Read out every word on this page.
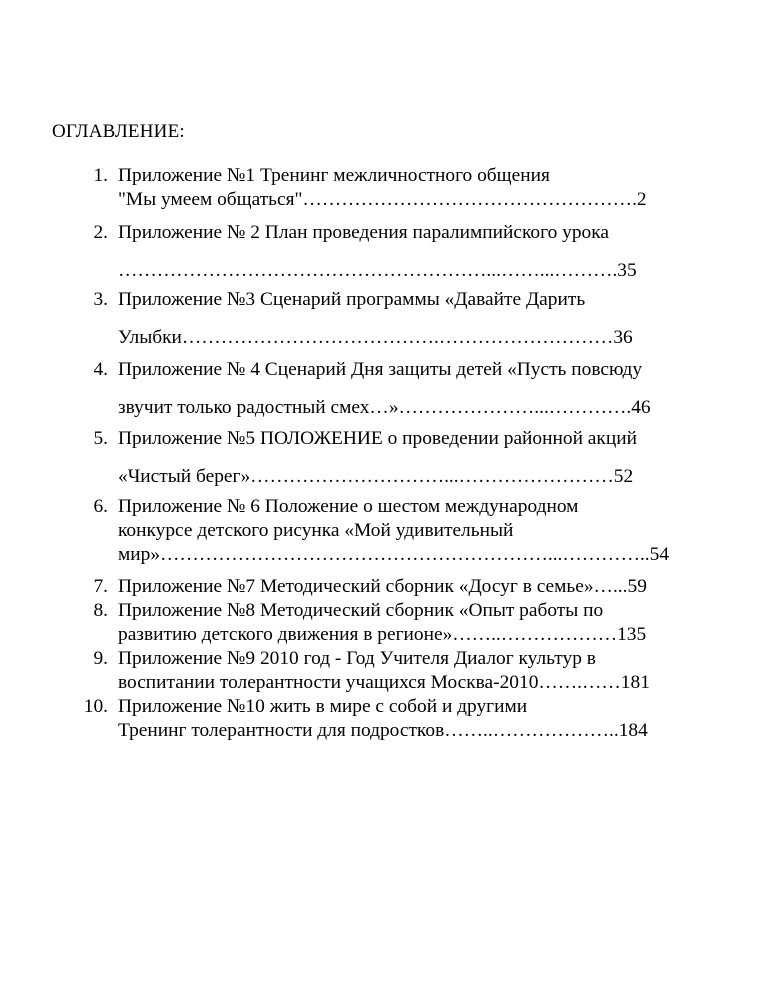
ОГЛАВЛЕНИЕ:
1. Приложение №1 Тренинг межличностного общения
"Мы умеем общаться"…………………………………………….2
2. Приложение № 2 План проведения паралимпийского урока
…………………………………………………...……...……….35
3. Приложение №3 Сценарий программы «Давайте Дарить
Улыбки………………………………….………………………36
4. Приложение № 4 Сценарий Дня защиты детей «Пусть повсюду
звучит только радостный смех…»…………………...………….46
5. Приложение №5 ПОЛОЖЕНИЕ о проведении районной акций
«Чистый берег»…………………………...……………………52
6. Приложение № 6 Положение о шестом международном
конкурсе детского рисунка «Мой удивительный
мир»……………………………………………………...…………..54
7. Приложение №7 Методический сборник «Досуг в семье»…...59
8. Приложение №8 Методический сборник «Опыт работы по
развитию детского движения в регионе»……..………………135
9. Приложение №9 2010 год - Год Учителя Диалог культур в
воспитании толерантности учащихся Москва-2010…….……181
10. Приложение №10 жить в мире с собой и другими
Тренинг толерантности для подростков……..………………..184
